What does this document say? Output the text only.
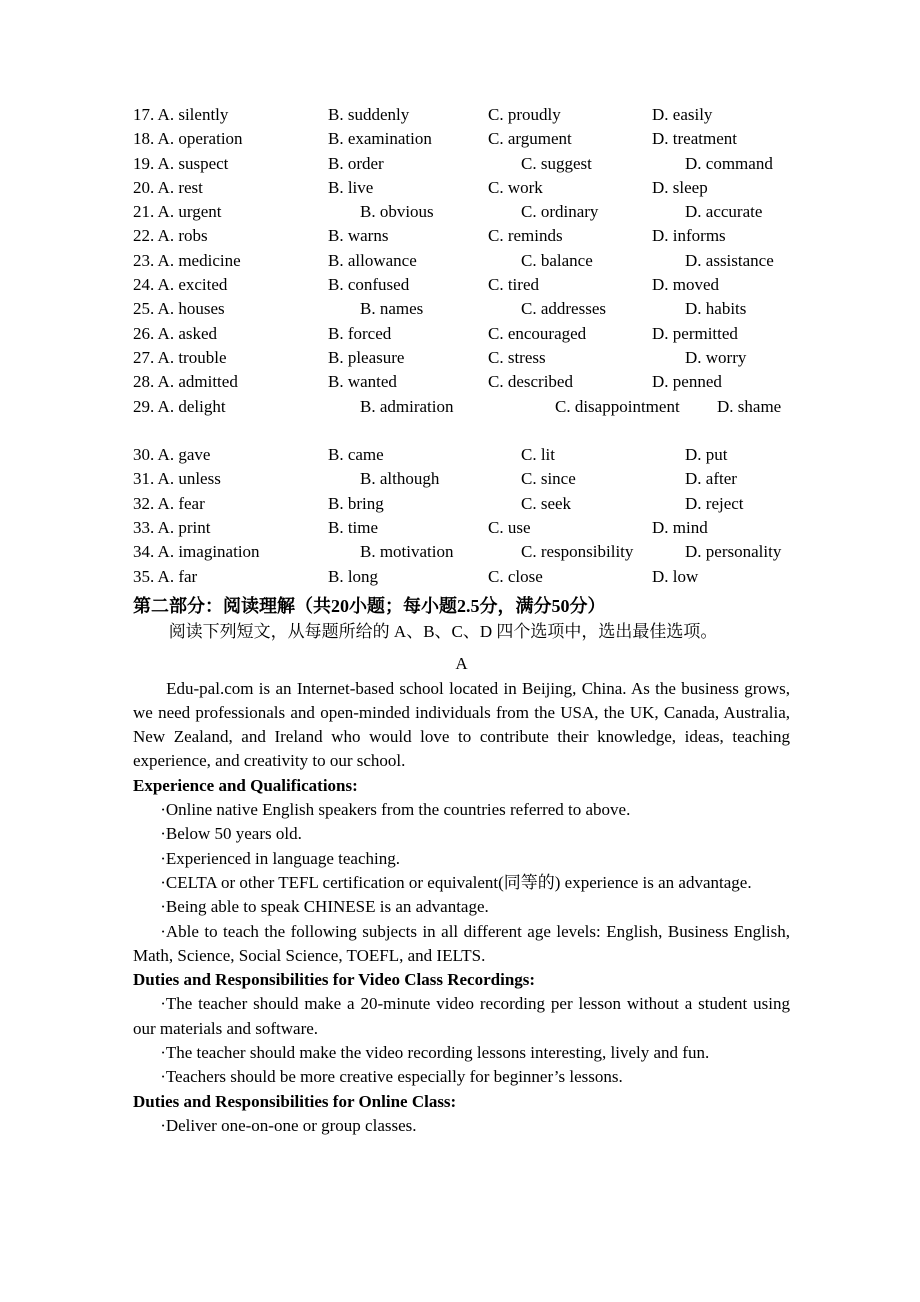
17. A. silently	B. suddenly	C. proudly	D. easily
18. A. operation	B. examination	C. argument	D. treatment
19. A. suspect	B. order	C. suggest	D. command
20. A. rest	B. live	C. work	D. sleep
21. A. urgent	B. obvious	C. ordinary	D. accurate
22. A. robs	B. warns	C. reminds	D. informs
23. A. medicine	B. allowance	C. balance	D. assistance
24. A. excited	B. confused	C. tired	D. moved
25. A. houses	B. names	C. addresses	D. habits
26. A. asked	B. forced	C. encouraged	D. permitted
27. A. trouble	B. pleasure	C. stress	D. worry
28. A. admitted	B. wanted	C. described	D. penned
29. A. delight	B. admiration	C. disappointment D. shame
30. A. gave	B. came	C. lit	D. put
31. A. unless	B. although	C. since	D. after
32. A. fear	B. bring	C. seek	D. reject
33. A. print	B. time	C. use	D. mind
34. A. imagination	B. motivation	C. responsibility	D. personality
35. A. far	B. long	C. close	D. low
第二部分：阅读理解（共20小题；每小题2.5分，满分50分）

阅读下列短文，从每题所给的 A、B、C、D 四个选项中，选出最佳选项。

A

Edu-pal.com is an Internet-based school located in Beijing, China. As the business grows, we need professionals and open-minded individuals from the USA, the UK, Canada, Australia, New Zealand, and Ireland who would love to contribute their knowledge, ideas, teaching experience, and creativity to our school.

Experience and Qualifications:

·Online native English speakers from the countries referred to above.

·Below 50 years old.

·Experienced in language teaching.

·CELTA or other TEFL certification or equivalent(同等的) experience is an advantage.

·Being able to speak CHINESE is an advantage.

·Able to teach the following subjects in all different age levels: English, Business English, Math, Science, Social Science, TOEFL, and IELTS.

Duties and Responsibilities for Video Class Recordings:

·The teacher should make a 20-minute video recording per lesson without a student using our materials and software.

·The teacher should make the video recording lessons interesting, lively and fun.

·Teachers should be more creative especially for beginner’s lessons.

Duties and Responsibilities for Online Class:

·Deliver one-on-one or group classes.
